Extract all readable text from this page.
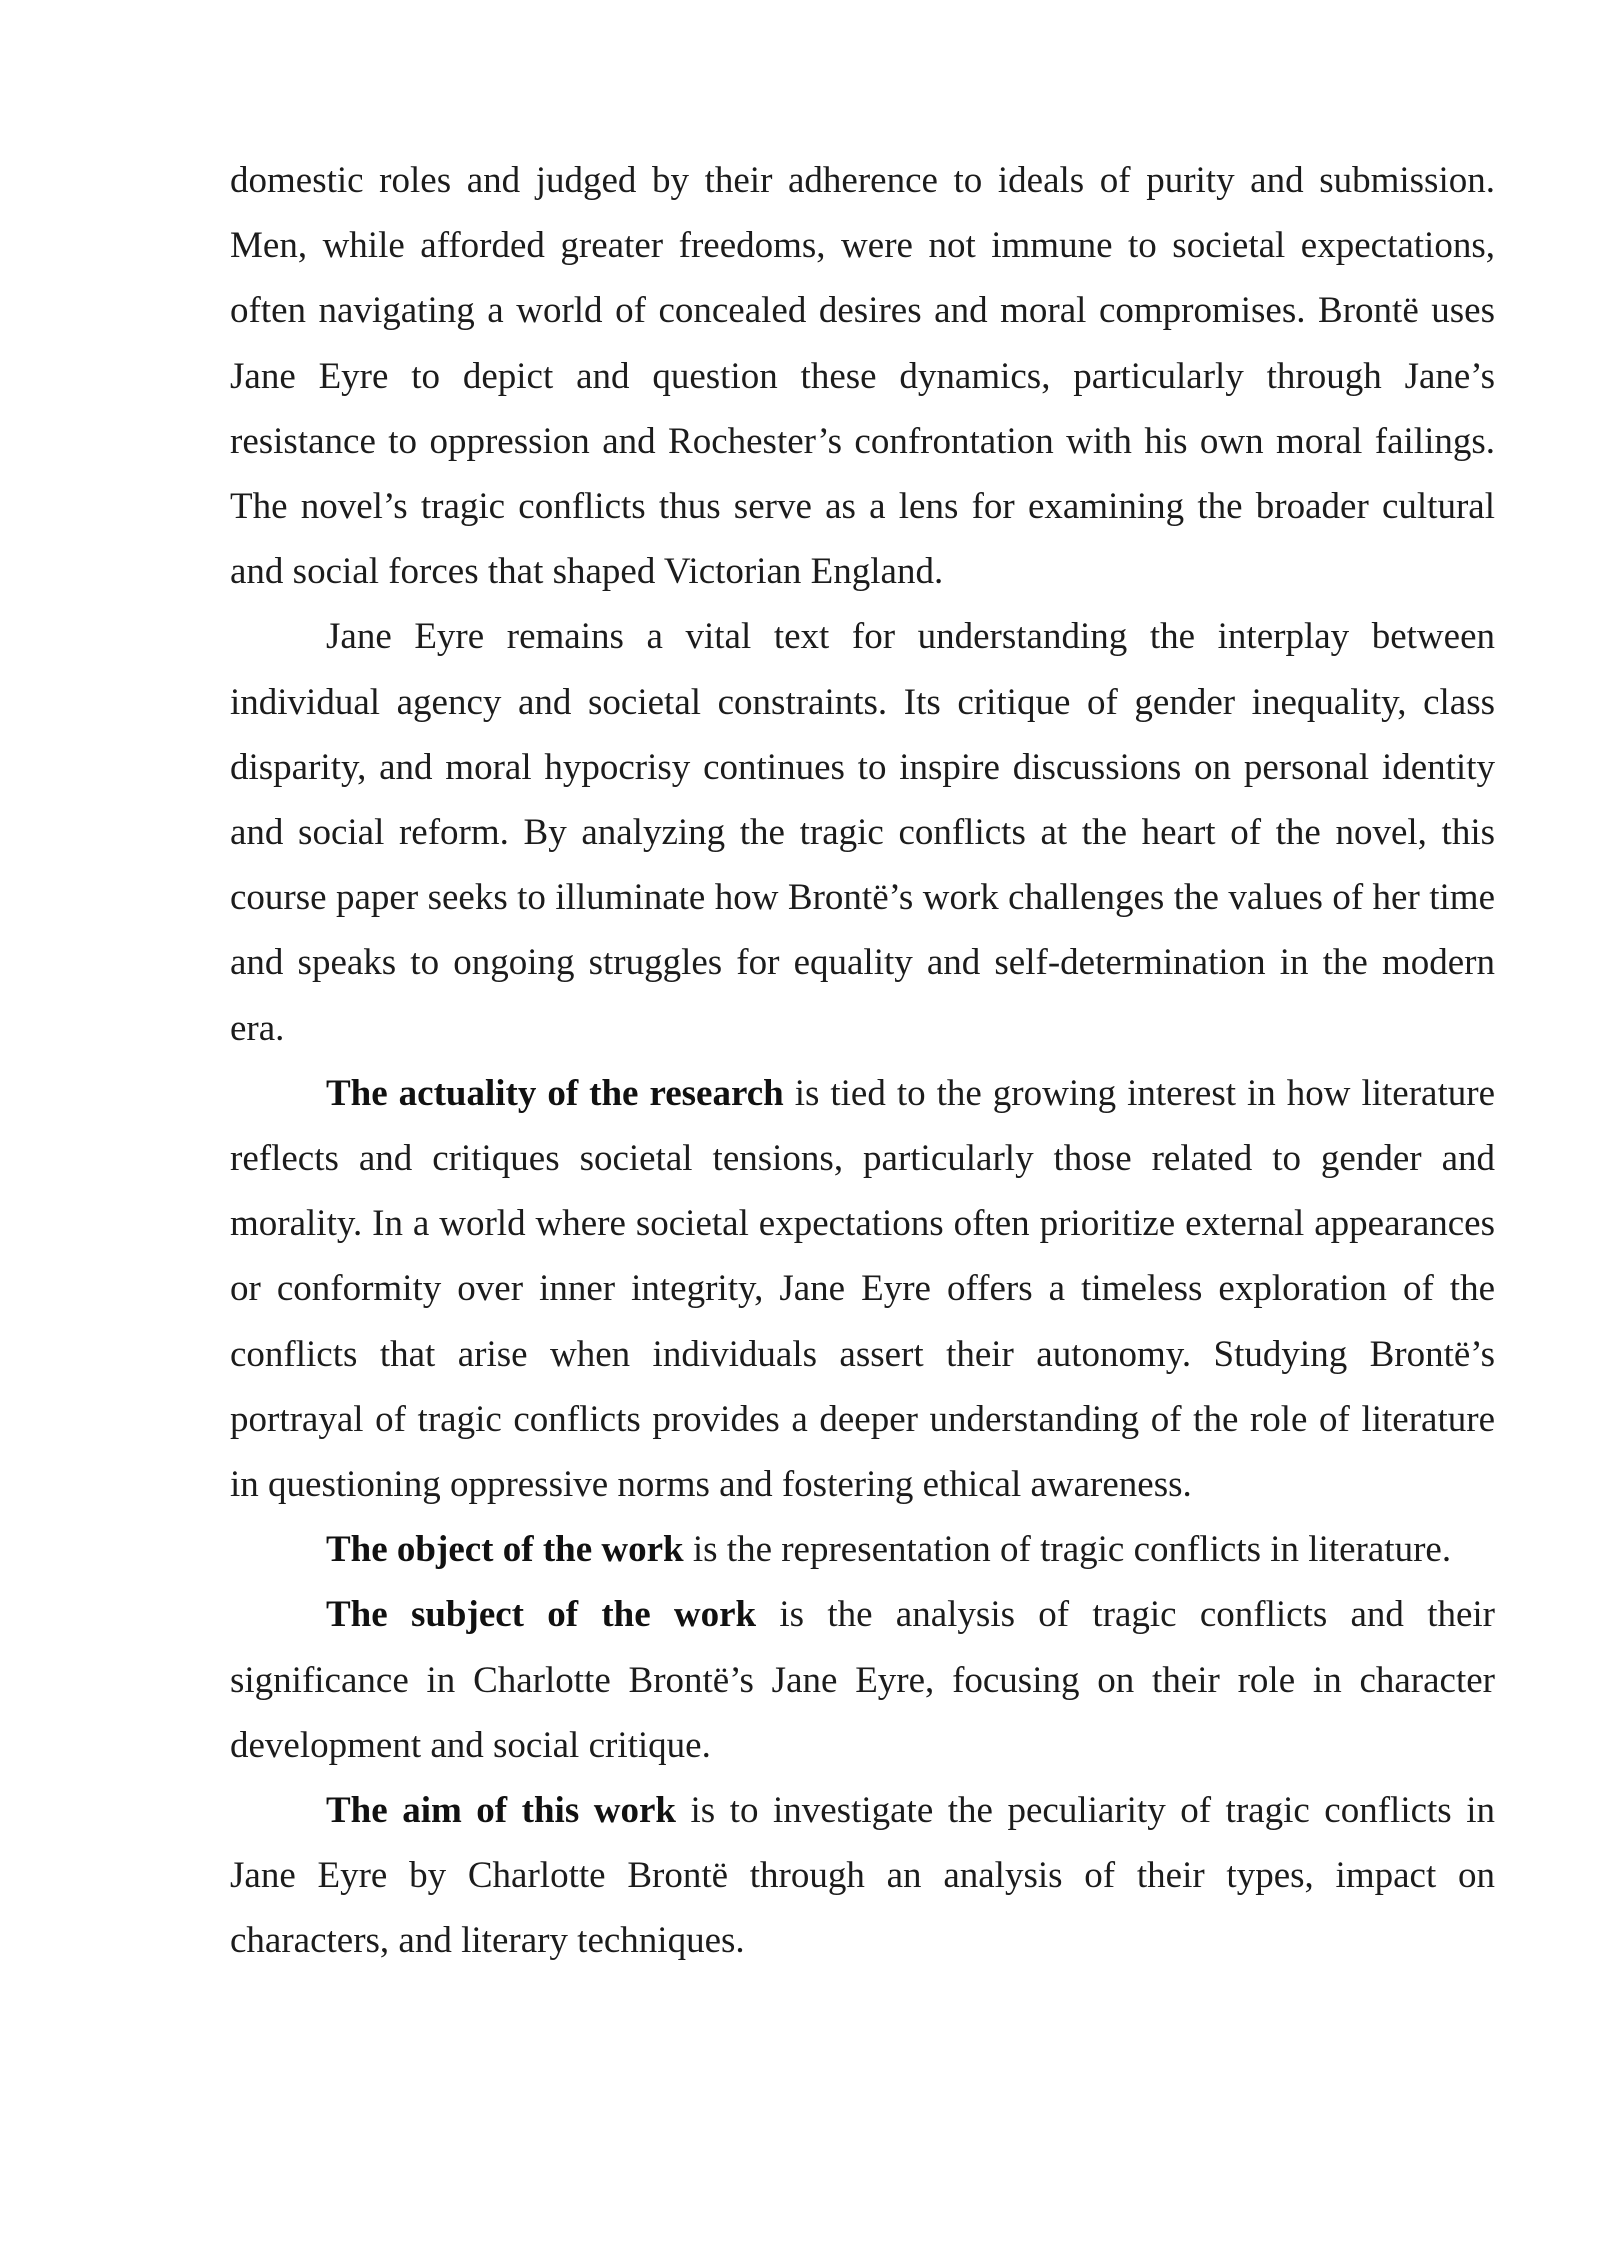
domestic roles and judged by their adherence to ideals of purity and submission. Men, while afforded greater freedoms, were not immune to societal expectations, often navigating a world of concealed desires and moral compromises. Brontë uses Jane Eyre to depict and question these dynamics, particularly through Jane’s resistance to oppression and Rochester’s confrontation with his own moral failings. The novel’s tragic conflicts thus serve as a lens for examining the broader cultural and social forces that shaped Victorian England.

Jane Eyre remains a vital text for understanding the interplay between individual agency and societal constraints. Its critique of gender inequality, class disparity, and moral hypocrisy continues to inspire discussions on personal identity and social reform. By analyzing the tragic conflicts at the heart of the novel, this course paper seeks to illuminate how Brontë’s work challenges the values of her time and speaks to ongoing struggles for equality and self-determination in the modern era.

The actuality of the research is tied to the growing interest in how literature reflects and critiques societal tensions, particularly those related to gender and morality. In a world where societal expectations often prioritize external appearances or conformity over inner integrity, Jane Eyre offers a timeless exploration of the conflicts that arise when individuals assert their autonomy. Studying Brontë’s portrayal of tragic conflicts provides a deeper understanding of the role of literature in questioning oppressive norms and fostering ethical awareness.

The object of the work is the representation of tragic conflicts in literature.

The subject of the work is the analysis of tragic conflicts and their significance in Charlotte Brontë’s Jane Eyre, focusing on their role in character development and social critique.

The aim of this work is to investigate the peculiarity of tragic conflicts in Jane Eyre by Charlotte Brontë through an analysis of their types, impact on characters, and literary techniques.
